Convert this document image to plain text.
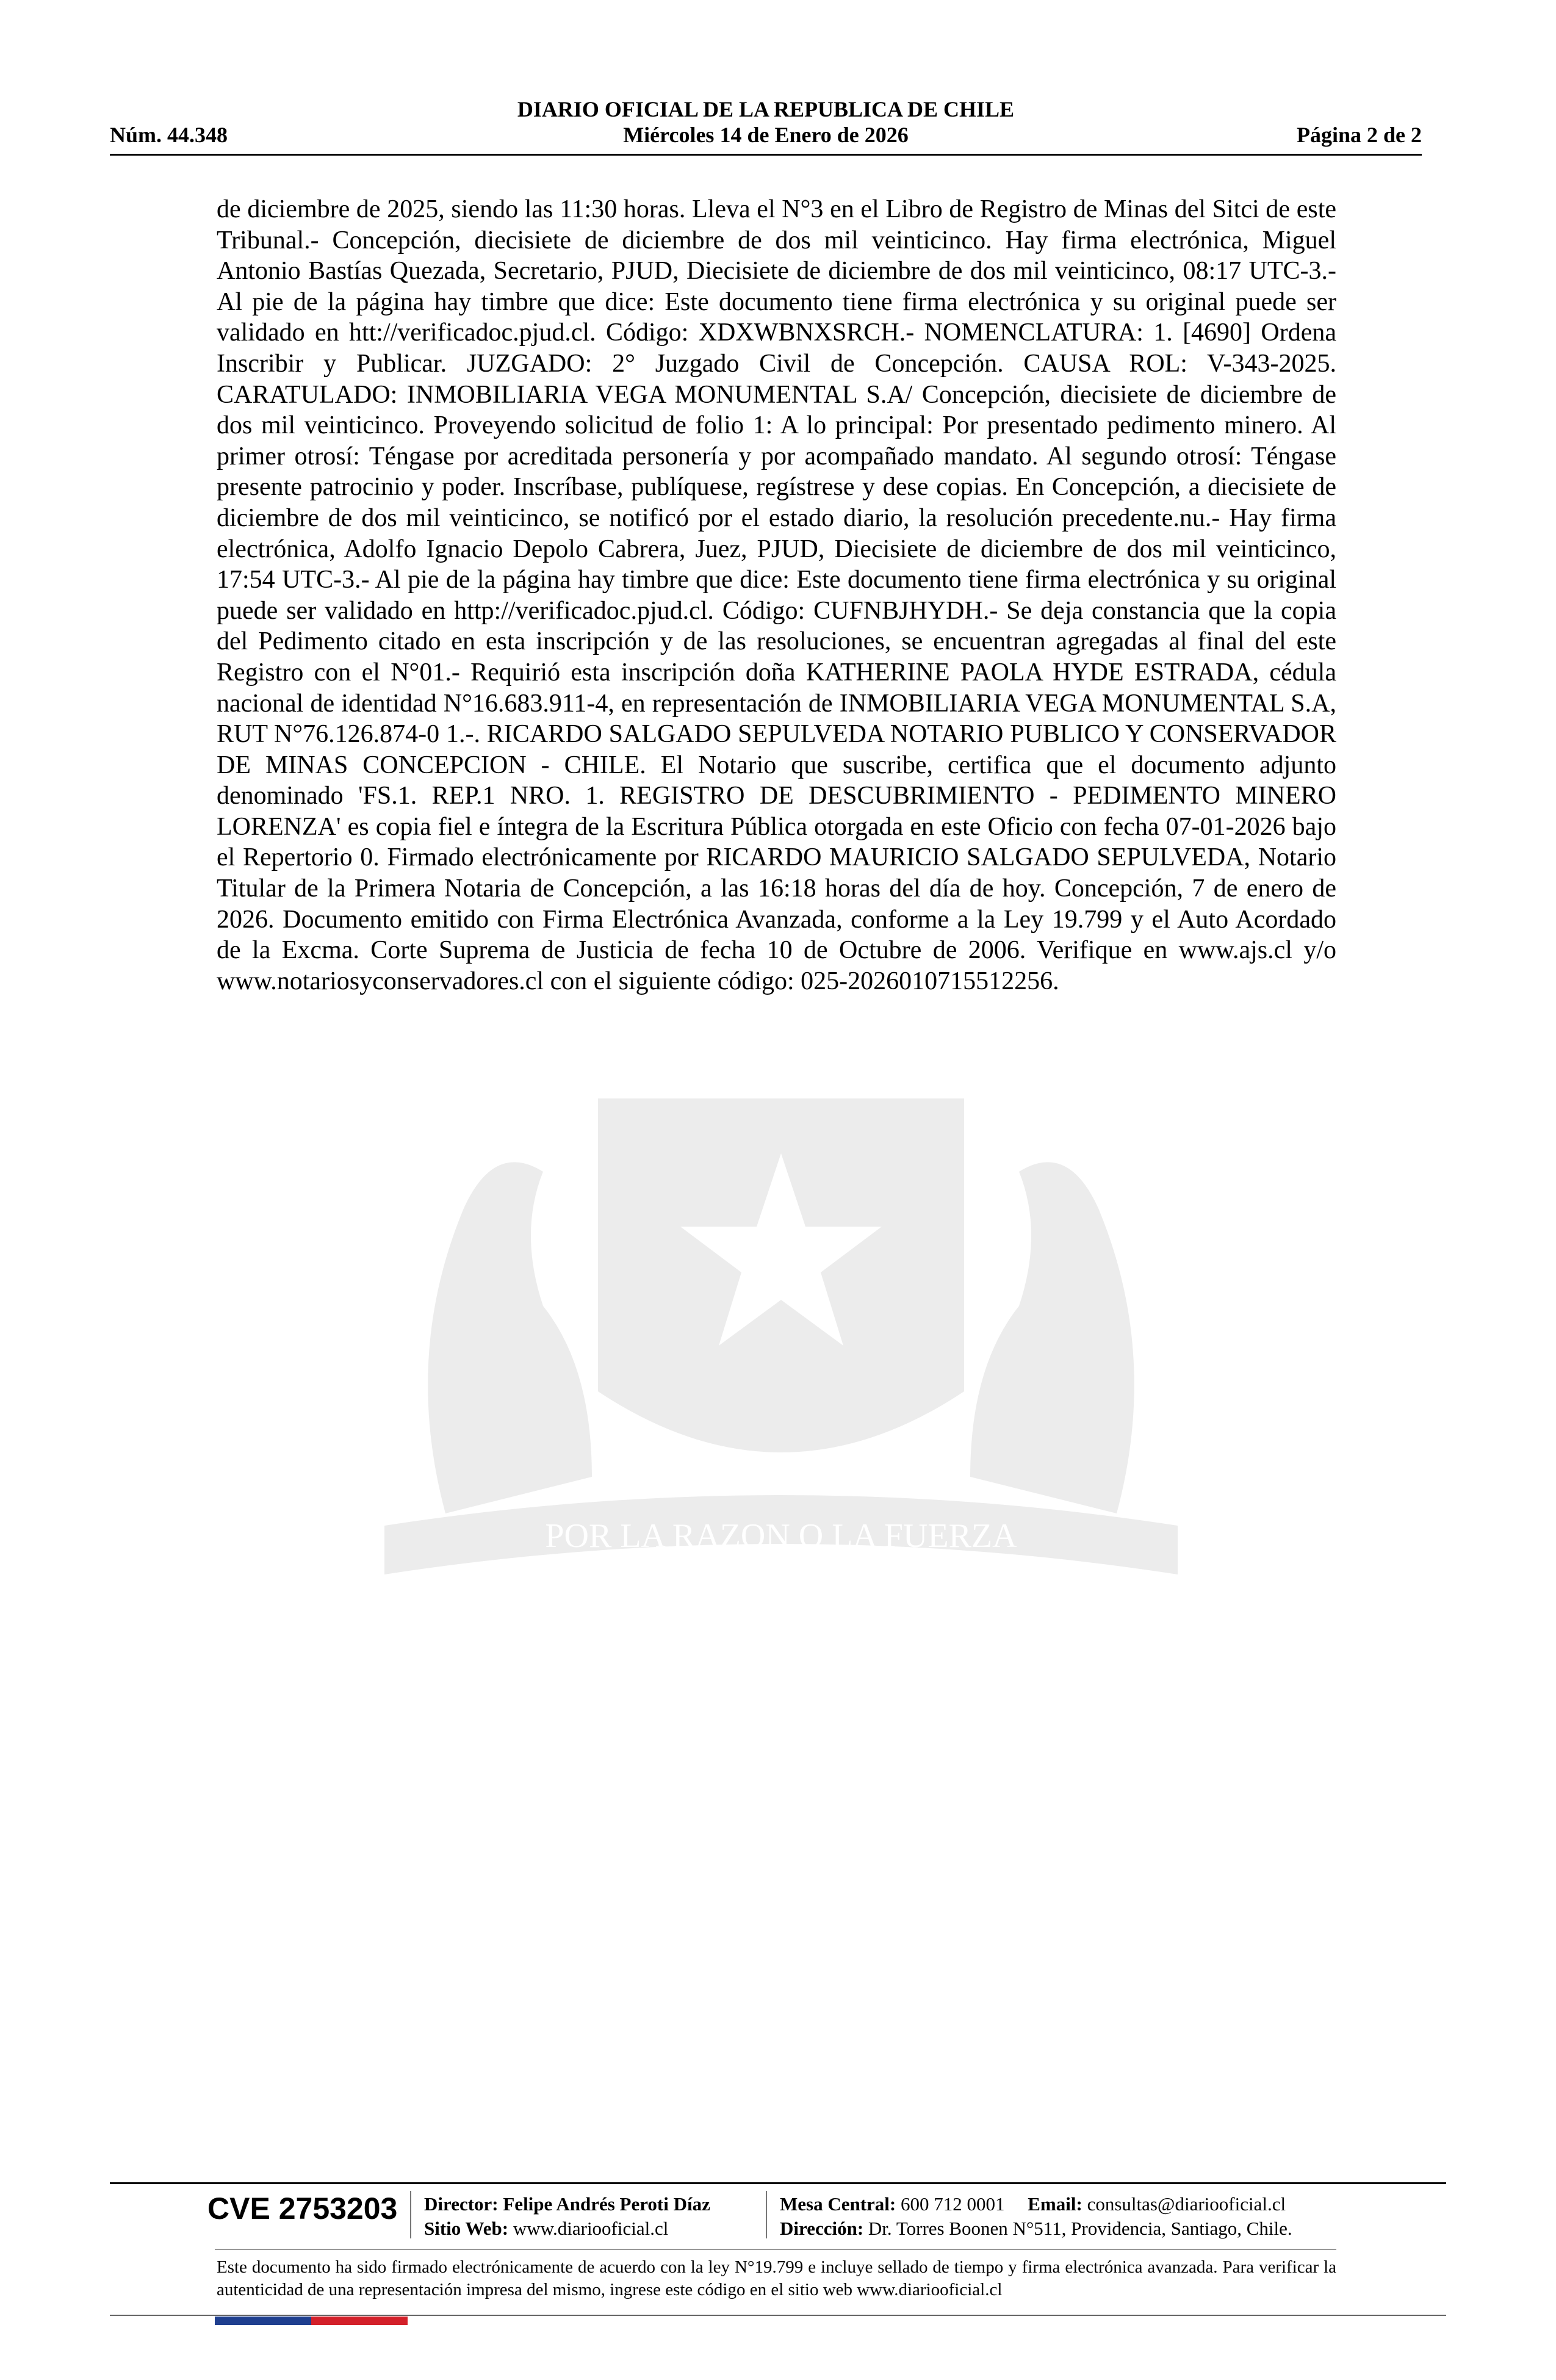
DIARIO OFICIAL DE LA REPUBLICA DE CHILE
Núm. 44.348	Miércoles 14 de Enero de 2026	Página 2 de 2
POR LA RAZON O LA FUERZA
de diciembre de 2025, siendo las 11:30 horas. Lleva el N°3 en el Libro de Registro de Minas del Sitci de este Tribunal.- Concepción, diecisiete de diciembre de dos mil veinticinco. Hay firma electrónica, Miguel Antonio Bastías Quezada, Secretario, PJUD, Diecisiete de diciembre de dos mil veinticinco, 08:17 UTC-3.- Al pie de la página hay timbre que dice: Este documento tiene firma electrónica y su original puede ser validado en htt://verificadoc.pjud.cl. Código: XDXWBNXSRCH.- NOMENCLATURA: 1. [4690] Ordena Inscribir y Publicar. JUZGADO: 2° Juzgado Civil de Concepción. CAUSA ROL: V-343-2025. CARATULADO: INMOBILIARIA VEGA MONUMENTAL S.A/ Concepción, diecisiete de diciembre de dos mil veinticinco. Proveyendo solicitud de folio 1: A lo principal: Por presentado pedimento minero. Al primer otrosí: Téngase por acreditada personería y por acompañado mandato. Al segundo otrosí: Téngase presente patrocinio y poder. Inscríbase, publíquese, regístrese y dese copias. En Concepción, a diecisiete de diciembre de dos mil veinticinco, se notificó por el estado diario, la resolución precedente.nu.- Hay firma electrónica, Adolfo Ignacio Depolo Cabrera, Juez, PJUD, Diecisiete de diciembre de dos mil veinticinco, 17:54 UTC-3.- Al pie de la página hay timbre que dice: Este documento tiene firma electrónica y su original puede ser validado en http://verificadoc.pjud.cl. Código: CUFNBJHYDH.- Se deja constancia que la copia del Pedimento citado en esta inscripción y de las resoluciones, se encuentran agregadas al final del este Registro con el N°01.- Requirió esta inscripción doña KATHERINE PAOLA HYDE ESTRADA, cédula nacional de identidad N°16.683.911-4, en representación de INMOBILIARIA VEGA MONUMENTAL S.A, RUT N°76.126.874-0 1.-. RICARDO SALGADO SEPULVEDA NOTARIO PUBLICO Y CONSERVADOR DE MINAS CONCEPCION - CHILE. El Notario que suscribe, certifica que el documento adjunto denominado 'FS.1. REP.1 NRO. 1. REGISTRO DE DESCUBRIMIENTO - PEDIMENTO MINERO LORENZA' es copia fiel e íntegra de la Escritura Pública otorgada en este Oficio con fecha 07-01-2026 bajo el Repertorio 0. Firmado electrónicamente por RICARDO MAURICIO SALGADO SEPULVEDA, Notario Titular de la Primera Notaria de Concepción, a las 16:18 horas del día de hoy. Concepción, 7 de enero de 2026. Documento emitido con Firma Electrónica Avanzada, conforme a la Ley 19.799 y el Auto Acordado de la Excma. Corte Suprema de Justicia de fecha 10 de Octubre de 2006. Verifique en www.ajs.cl y/o www.notariosyconservadores.cl con el siguiente código: 025-2026010715512256.
CVE 2753203 Director: Felipe Andrés Peroti Díaz
Sitio Web: www.diariooficial.cl
Mesa Central: 600 712 0001 Email: consultas@diariooficial.cl
Dirección: Dr. Torres Boonen N°511, Providencia, Santiago, Chile.
Este documento ha sido firmado electrónicamente de acuerdo con la ley N°19.799 e incluye sellado de tiempo y firma electrónica avanzada. Para verificar la autenticidad de una representación impresa del mismo, ingrese este código en el sitio web www.diariooficial.cl
